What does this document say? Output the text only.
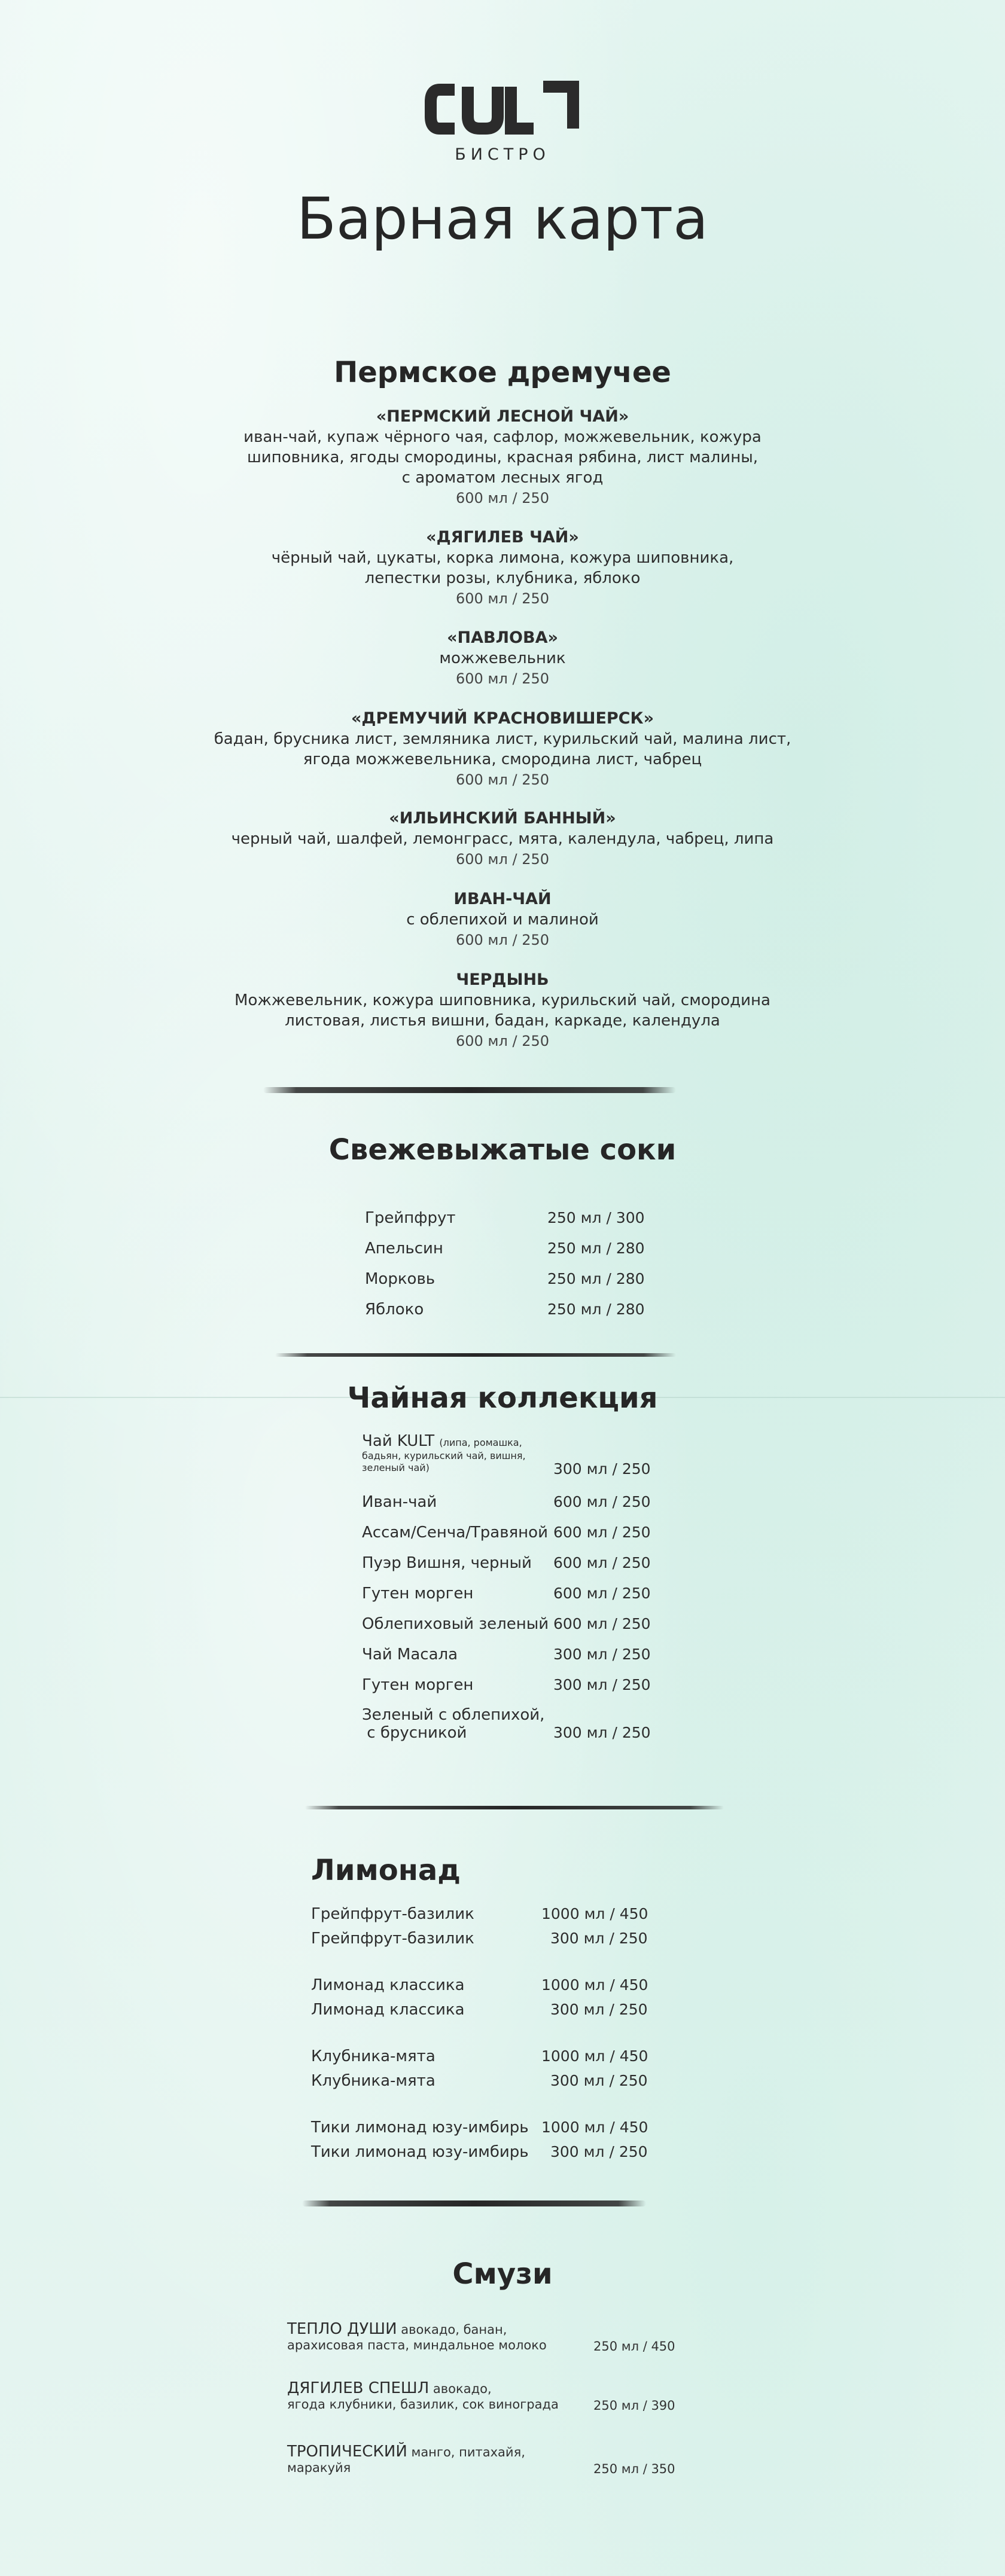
CULT
БИСТРО
Барная карта
Пермское дремучее
«ПЕРМСКИЙ ЛЕСНОЙ ЧАЙ»
иван-чай, купаж чёрного чая, сафлор, можжевельник, кожура
шиповника, ягоды смородины, красная рябина, лист малины,
с ароматом лесных ягод
600 мл / 250
«ДЯГИЛЕВ ЧАЙ»
чёрный чай, цукаты, корка лимона, кожура шиповника,
лепестки розы, клубника, яблоко
600 мл / 250
«ПАВЛОВА»
можжевельник
600 мл / 250
«ДРЕМУЧИЙ КРАСНОВИШЕРСК»
бадан, брусника лист, земляника лист, курильский чай, малина лист,
ягода можжевельника, смородина лист, чабрец
600 мл / 250
«ИЛЬИНСКИЙ БАННЫЙ»
черный чай, шалфей, лемонграсс, мята, календула, чабрец, липа
600 мл / 250
ИВАН-ЧАЙ
с облепихой и малиной
600 мл / 250
ЧЕРДЫНЬ
Можжевельник, кожура шиповника, курильский чай, смородина
листовая, листья вишни, бадан, каркаде, календула
600 мл / 250
Свежевыжатые соки
Грейпфрут	250 мл / 300
Апельсин	250 мл / 280
Морковь	250 мл / 280
Яблоко	250 мл / 280
Чайная коллекция
Чай KULT (липа, ромашка,
бадьян, курильский чай, вишня,
зеленый чай)	300 мл / 250
Иван-чай	600 мл / 250
Ассам/Сенча/Травяной 600 мл / 250
Пуэр Вишня, черный 600 мл / 250
Гутен морген	600 мл / 250
Облепиховый зеленый 600 мл / 250
Чай Масала	300 мл / 250
Гутен морген	300 мл / 250
Зеленый с облепихой,
с брусникой	300 мл / 250
Лимонад
Грейпфрут-базилик	1000 мл / 450
Грейпфрут-базилик	300 мл / 250
Лимонад классика	1000 мл / 450
Лимонад классика	300 мл / 250
Клубника-мята	1000 мл / 450
Клубника-мята	300 мл / 250
Тики лимонад юзу-имбирь 1000 мл / 450
Тики лимонад юзу-имбирь 300 мл / 250
Смузи
ТЕПЛО ДУШИ авокадо, банан,
арахисовая паста, миндальное молоко	250 мл / 450
ДЯГИЛЕВ СПЕШЛ авокадо,
ягода клубники, базилик, сок винограда	250 мл / 390
ТРОПИЧЕСКИЙ манго, питахайя,
маракуйя	250 мл / 350
